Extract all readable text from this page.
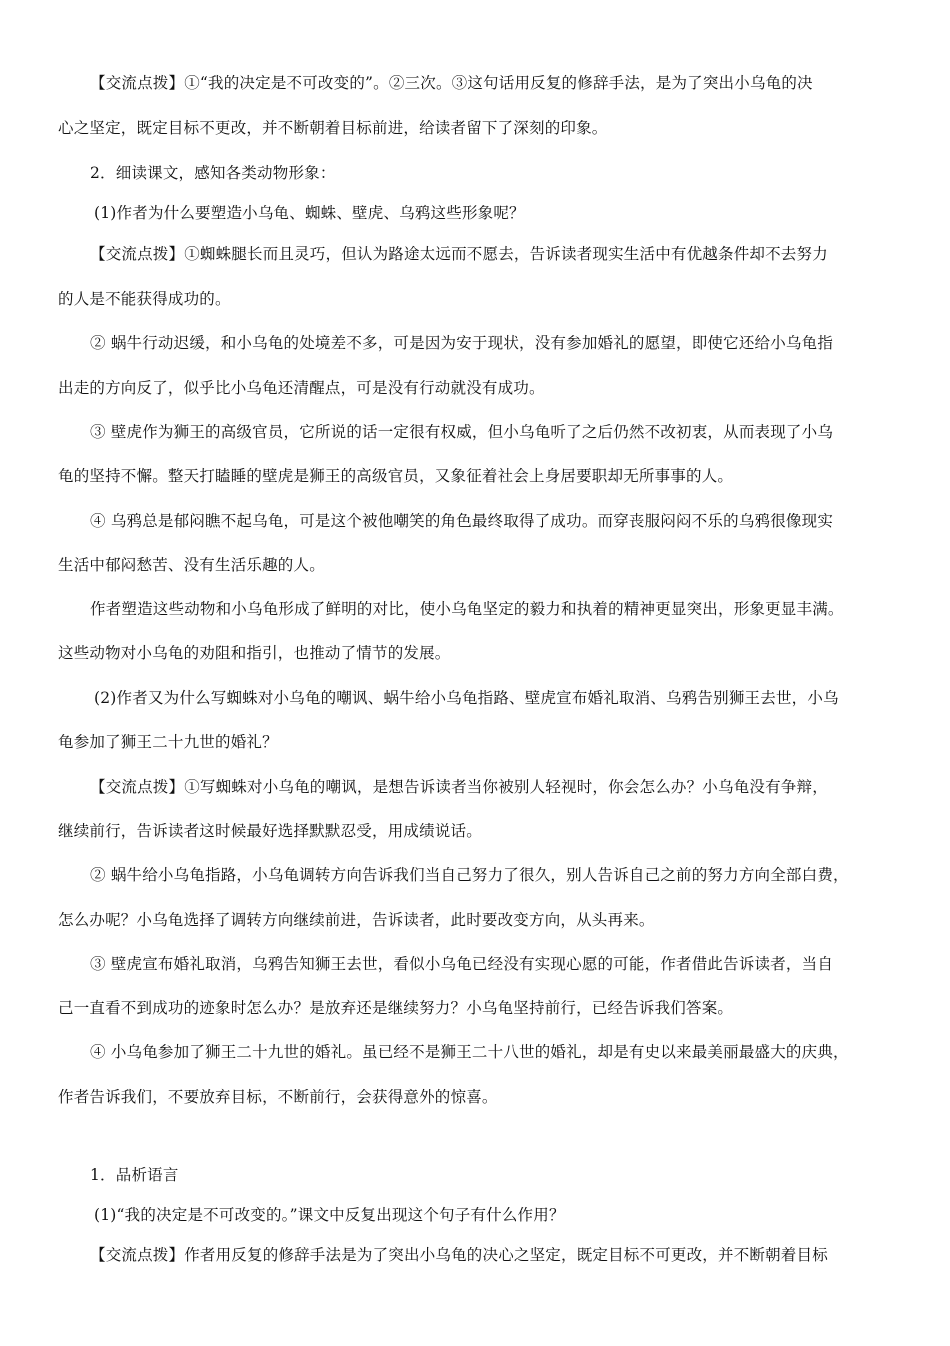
【交流点拨】①“我的决定是不可改变的”。②三次。③这句话用反复的修辞手法，是为了突出小乌龟的决
心之坚定，既定目标不更改，并不断朝着目标前进，给读者留下了深刻的印象。
2．细读课文，感知各类动物形象：
(1)作者为什么要塑造小乌龟、蜘蛛、壁虎、乌鸦这些形象呢？
【交流点拨】①蜘蛛腿长而且灵巧，但认为路途太远而不愿去，告诉读者现实生活中有优越条件却不去努力
的人是不能获得成功的。
② 蜗牛行动迟缓，和小乌龟的处境差不多，可是因为安于现状，没有参加婚礼的愿望，即使它还给小乌龟指
出走的方向反了，似乎比小乌龟还清醒点，可是没有行动就没有成功。
③ 壁虎作为狮王的高级官员，它所说的话一定很有权威，但小乌龟听了之后仍然不改初衷，从而表现了小乌
龟的坚持不懈。整天打瞌睡的壁虎是狮王的高级官员，又象征着社会上身居要职却无所事事的人。
④ 乌鸦总是郁闷瞧不起乌龟，可是这个被他嘲笑的角色最终取得了成功。而穿丧服闷闷不乐的乌鸦很像现实
生活中郁闷愁苦、没有生活乐趣的人。
作者塑造这些动物和小乌龟形成了鲜明的对比，使小乌龟坚定的毅力和执着的精神更显突出，形象更显丰满。
这些动物对小乌龟的劝阻和指引，也推动了情节的发展。
(2)作者又为什么写蜘蛛对小乌龟的嘲讽、蜗牛给小乌龟指路、壁虎宣布婚礼取消、乌鸦告别狮王去世，小乌
龟参加了狮王二十九世的婚礼？
【交流点拨】①写蜘蛛对小乌龟的嘲讽，是想告诉读者当你被别人轻视时，你会怎么办？小乌龟没有争辩，
继续前行，告诉读者这时候最好选择默默忍受，用成绩说话。
② 蜗牛给小乌龟指路，小乌龟调转方向告诉我们当自己努力了很久，别人告诉自己之前的努力方向全部白费，
怎么办呢？小乌龟选择了调转方向继续前进，告诉读者，此时要改变方向，从头再来。
③ 壁虎宣布婚礼取消，乌鸦告知狮王去世，看似小乌龟已经没有实现心愿的可能，作者借此告诉读者，当自
己一直看不到成功的迹象时怎么办？是放弃还是继续努力？小乌龟坚持前行，已经告诉我们答案。
④ 小乌龟参加了狮王二十九世的婚礼。虽已经不是狮王二十八世的婚礼，却是有史以来最美丽最盛大的庆典，
作者告诉我们，不要放弃目标，不断前行，会获得意外的惊喜。
1．品析语言
(1)“我的决定是不可改变的。”课文中反复出现这个句子有什么作用？
【交流点拨】作者用反复的修辞手法是为了突出小乌龟的决心之坚定，既定目标不可更改，并不断朝着目标
